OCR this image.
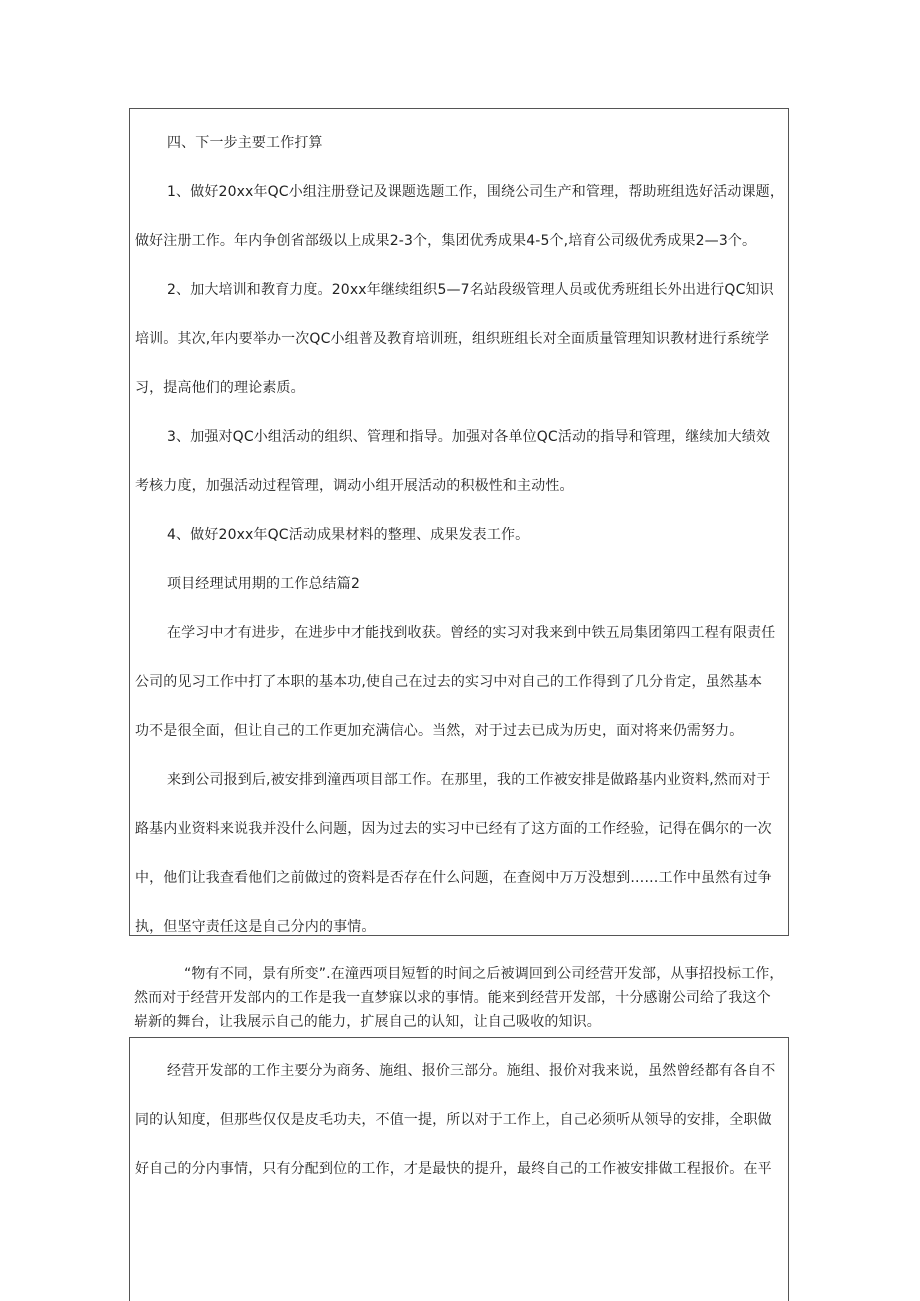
四、下一步主要工作打算
1、做好20xx年QC小组注册登记及课题选题工作，围绕公司生产和管理，帮助班组选好活动课题，
做好注册工作。年内争创省部级以上成果2-3个，集团优秀成果4-5个,培育公司级优秀成果2—3个。
2、加大培训和教育力度。20xx年继续组织5—7名站段级管理人员或优秀班组长外出进行QC知识
培训。其次,年内要举办一次QC小组普及教育培训班，组织班组长对全面质量管理知识教材进行系统学
习，提高他们的理论素质。
3、加强对QC小组活动的组织、管理和指导。加强对各单位QC活动的指导和管理，继续加大绩效
考核力度，加强活动过程管理，调动小组开展活动的积极性和主动性。
4、做好20xx年QC活动成果材料的整理、成果发表工作。
项目经理试用期的工作总结篇2
在学习中才有进步，在进步中才能找到收获。曾经的实习对我来到中铁五局集团第四工程有限责任
公司的见习工作中打了本职的基本功,使自己在过去的实习中对自己的工作得到了几分肯定，虽然基本
功不是很全面，但让自己的工作更加充满信心。当然，对于过去已成为历史，面对将来仍需努力。
来到公司报到后,被安排到潼西项目部工作。在那里，我的工作被安排是做路基内业资料,然而对于
路基内业资料来说我并没什么问题，因为过去的实习中已经有了这方面的工作经验，记得在偶尔的一次
中，他们让我查看他们之前做过的资料是否存在什么问题，在查阅中万万没想到……工作中虽然有过争
执，但坚守责任这是自己分内的事情。
“物有不同，景有所变”.在潼西项目短暂的时间之后被调回到公司经营开发部，从事招投标工作，
然而对于经营开发部内的工作是我一直梦寐以求的事情。能来到经营开发部，十分感谢公司给了我这个
崭新的舞台，让我展示自己的能力，扩展自己的认知，让自己吸收的知识。
经营开发部的工作主要分为商务、施组、报价三部分。施组、报价对我来说，虽然曾经都有各自不
同的认知度，但那些仅仅是皮毛功夫，不值一提，所以对于工作上，自己必须听从领导的安排，全职做
好自己的分内事情，只有分配到位的工作，才是最快的提升，最终自己的工作被安排做工程报价。在平
